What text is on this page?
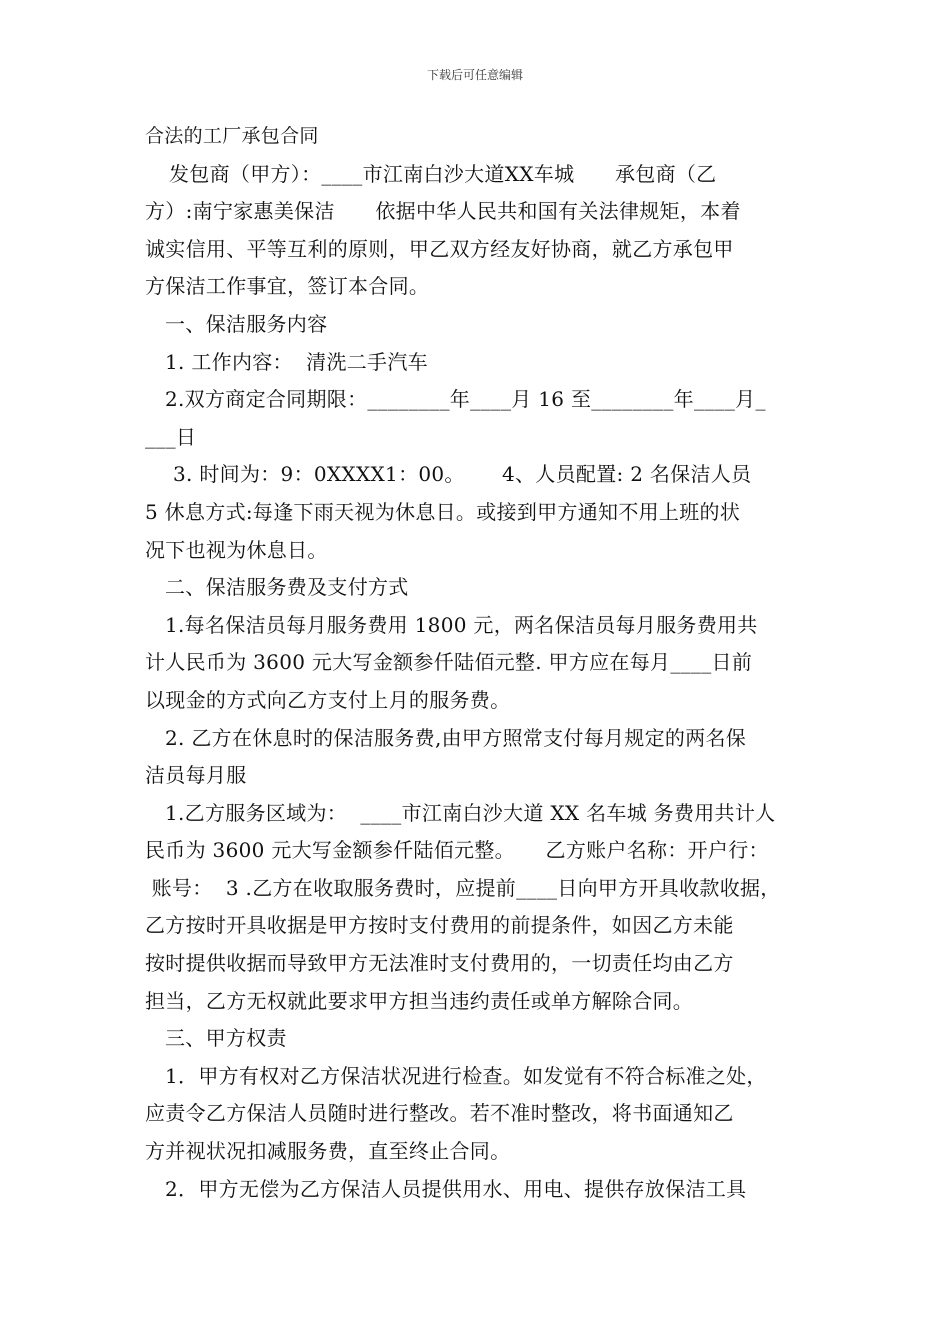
下载后可任意编辑
合法的工厂承包合同
发包商（甲方）：____市江南白沙大道XX车城　　承包商（乙
方）:南宁家惠美保洁　　依据中华人民共和国有关法律规矩，本着
诚实信用、平等互利的原则，甲乙双方经友好协商，就乙方承包甲
方保洁工作事宜，签订本合同。
一、保洁服务内容
1. 工作内容：  清洗二手汽车
2.双方商定合同期限：________年____月 16 至________年____月_
___日
3. 时间为：9：0XXXX1：00。　　 4、人员配置: 2 名保洁人员
5 休息方式:每逢下雨天视为休息日。或接到甲方通知不用上班的状
况下也视为休息日。
二、保洁服务费及支付方式
1.每名保洁员每月服务费用 1800 元，两名保洁员每月服务费用共
计人民币为 3600 元大写金额参仟陆佰元整. 甲方应在每月____日前
以现金的方式向乙方支付上月的服务费。
2. 乙方在休息时的保洁服务费,由甲方照常支付每月规定的两名保
洁员每月服
1.乙方服务区域为：  ____市江南白沙大道 XX 名车城 务费用共计人
民币为 3600 元大写金额参仟陆佰元整。　　乙方账户名称：开户行：
账号：  3 .乙方在收取服务费时，应提前____日向甲方开具收款收据，
乙方按时开具收据是甲方按时支付费用的前提条件，如因乙方未能
按时提供收据而导致甲方无法准时支付费用的，一切责任均由乙方
担当，乙方无权就此要求甲方担当违约责任或单方解除合同。
三、甲方权责
1．甲方有权对乙方保洁状况进行检查。如发觉有不符合标准之处，
应责令乙方保洁人员随时进行整改。若不准时整改，将书面通知乙
方并视状况扣减服务费，直至终止合同。
2．甲方无偿为乙方保洁人员提供用水、用电、提供存放保洁工具
